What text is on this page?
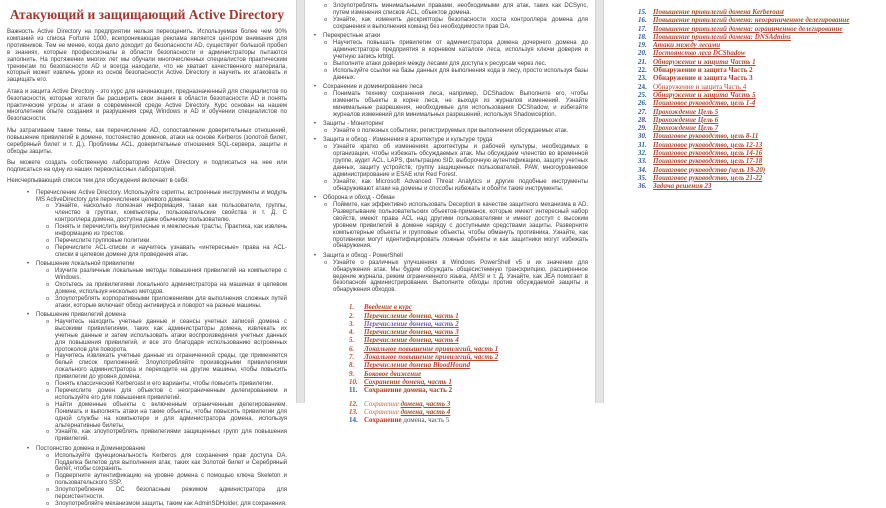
Атакующий и защищающий Active Directory
Важность Active Directory на предприятии нельзя переоценить. Используемая более чем 90% компаний из списка Fortune 1000, всепроникающая реклама является центром внимания для противников. Тем не менее, когда дело доходит до безопасности AD, существует большой пробел в знаниях, которые профессионалы в области безопасности и администраторы пытаются заполнить. На протяжении многих лет мы обучали многочисленных специалистов практическим тренингам по безопасности AD и всегда находили, что не хватает качественного материала, который может извлечь уроки из основ безопасности Active Directory и научить их атаковать и защищать его.
Атака и защита Active Directory - это курс для начинающих, предназначенный для специалистов по безопасности, которые хотели бы расширить свои знания в области безопасности AD и понять практические угрозы и атаки в современной среде Active Directory. Курс основан на нашем многолетнем опыте создания и разрушения сред Windows и AD и обучении специалистов по безопасности.
Мы затрагиваем такие темы, как перечисление AD, сопоставление доверительных отношений, повышение привилегий в домене, постоянство доменов, атаки на основе Kerberos (золотой билет, серебряный билет и т. Д.), Проблемы ACL, доверительные отношения SQL-сервера, защиты и обходы защиты.
Вы можете создать собственную лабораторию Active Directory и подписаться на нее или подписаться на одну из наших первоклассных лабораторий.
Неисчерпывающий список тем для обсуждения включает в себя:
•	Перечисление Active Directory. Используйте скрипты, встроенные инструменты и модуль MS ActiveDirectory для перечисления целевого домена.
o Узнайте, насколько полезная информация, такая как пользователи, группы, членство в группах, компьютеры, пользовательские свойства и т. Д. С контроллера домена, доступна даже обычному пользователю.
o Понять и перечислить внутрилесные и межлесные трасты. Практика, как извлечь информацию из трестов.
o Перечислите групповые политики.
o Перечислите ACL-списки и научитесь узнавать «интересные» права на ACL-списки в целевом домене для проведения атак.
•	Повышение локальной привилегии
o Изучите различные локальные методы повышения привилегий на компьютере с Windows.
o Охотьтесь за привилегиями локального администратора на машинах в целевом домене, используя несколько методов.
o Злоупотреблять корпоративными приложениями для выполнения сложных путей атаки, которые включает обход антивируса и поворот на разные машины.
•	Повышение привилегий домена
o Научитесь находить учетные данные и сеансы учетных записей домена с высокими привилегиями, таких как администраторы домена, извлекать их учетные данные и затем использовать атаки воспроизведения учетных данных для повышения привилегий, и все это благодаря использованию встроенных протоколов для поворота.
o Научитесь извлекать учетные данные из ограниченной среды, где применяется белый список приложений. Злоупотребляйте производными привилегиями локального администратора и переходите на другие машины, чтобы повысить привилегии до уровня домена.
o Понять классический Kerberoast и его варианты, чтобы повысить привилегии.
o Перечислите домен для объектов с неограниченным делегированием и используйте его для повышения привилегий.
o Найти доменные объекты с включенным ограниченным делегированием. Понимать и выполнять атаки на такие объекты, чтобы повысить привилегии для одной службы на компьютере и для администратора домена, используя альтернативные билеты.
o Узнайте, как злоупотреблять привилегиями защищенных групп для повышения привилегий.
•	Постоянство домена и Доминирование
o Используйте функциональность Kerberos для сохранения прав доступа DA. Подделка билетов для выполнения атак, таких как Золотой билет и Серебряный билет, чтобы сохранить.
o Подвергните аутентификацию на уровне домена с помощью ключа Skeleton и пользовательского SSP.
o Злоупотребление DC безопасным режимом администратора для персистентности.
o Злоупотребляйте механизмом защиты, таким как AdminSDHolder, для сохранения.
o Злоупотреблять минимальными правами, необходимыми для атак, таких как DCSync, путем изменения списков ACL, объектов домена.
o Узнайте, как изменить дескрипторы безопасности хоста контроллера домена для сохранения и выполнения команд без необходимости прав DA.
•	Перекрестные атаки
o Научитесь повышать привилегии от администратора домена дочернего домена до администратора предприятия в корневом каталоге леса, используя ключи доверия и учетную запись krbtgt.
o Выполните атаки доверия между лесами для доступа к ресурсам через лес.
o Используйте ссылки на базы данных для выполнения кода в лесу, просто используя базы данных.
•	Сохранение и доминирование леса
o Понимать технику сохранения леса, например, DCShadow. Выполните его, чтобы изменить объекты в корне леса, не выходя из журналов изменений. Узнайте минимальные разрешения, необходимые для использования DCShadow, и избегайте журналов изменений для минимальных разрешений, используя Shadowception.
•	Защиты - Мониторинг
o Узнайте о полезных событиях, регистрируемых при выполнении обсуждаемых атак.
•	Защита и обход - Изменения в архитектуре и культуре труда
o Узнайте кратко об изменениях архитектуры и рабочей культуры, необходимых в организации, чтобы избежать обсуждаемых атак. Мы обсуждаем членство во временной группе, аудит ACL, LAPS, фильтрацию SID, выборочную аутентификацию, защиту учетных данных, защиту устройств, группу защищенных пользователей, PAW, многоуровневое администрирование и ESAE или Red Forest.
o Узнайте, как Microsoft Advanced Threat Analytics и другие подобные инструменты обнаруживают атаки на домены и способы избежать и обойти такие инструменты.
•	Оборона и обход - Обман
o Поймите, как эффективно использовать Deception в качестве защитного механизма в AD. Развертывание пользовательских объектов-приманок, которые имеют интересный набор свойств, имеют права ACL над другими пользователями и имеют доступ с высоким уровнем привилегий в домене наряду с доступными средствами защиты. Разверните компьютерные объекты и групповые объекты, чтобы обмануть противника. Узнайте, как противники могут идентифицировать ложные объекты и как защитники могут избежать обнаружения.
•	Защита и обход - PowerShell
o Узнайте о различных улучшениях в Windows PowerShell v5 и их значении для обнаружения атак. Мы будем обсуждать общесистемную транскрипцию, расширенное ведение журнала, режим ограниченного языка, AMSI и т. Д. Узнайте, как JEA помогает в безопасном администрировании. Выполните обходы против обсуждаемой защиты и обнаружения обходов.
1. Введение в курс
2. Перечисление домена, часть 1
3. Перечисление домена, часть 2
4. Перечисление домена, часть 3
5. Перечисление домена, часть 4
6. Локальное повышение привилегий, часть 1
7. Локальное повышение привилегий, часть 2
8. Перечисление домена BloodHound
9. Боковое движение
10. Сохранение домена, часть 1
11. Сохранение домена, часть 2
12. Сохранение домена, часть 3
13. Сохранение домена, часть 4
14. Сохранение домена, часть 5
15. Повышение привилегий домена Kerberoast
16. Повышение привилегий домена: неограниченное делегирование
17. Повышение привилегий домена: ограниченное делегирование
18. Повышение привилегий домена: DNSAdmins
19. Атаки между лесами
20. Постоянство леса DCShadow
21. Обнаружение и защита Часть 1
22. Обнаружение и защита Часть 2
23. Обнаружение и защита Часть 3
24. Обнаружение и защита Часть 4
25. Обнаружение и защита Часть 5
26. Пошаговое руководство, цель 1-4
27. Прохождение Цель 5
28. Прохождение Цель 6
29. Прохождение Цель 7
30. Пошаговое руководство, цель 8-11
31. Пошаговое руководство, цель 12-13
32. Пошаговое руководство, цель 14-16
33. Пошаговое руководство, цель 17-18
34. Пошаговое руководство (цель 19-20)
35. Пошаговое руководство, цель 21-22
36. Задача решения 23
